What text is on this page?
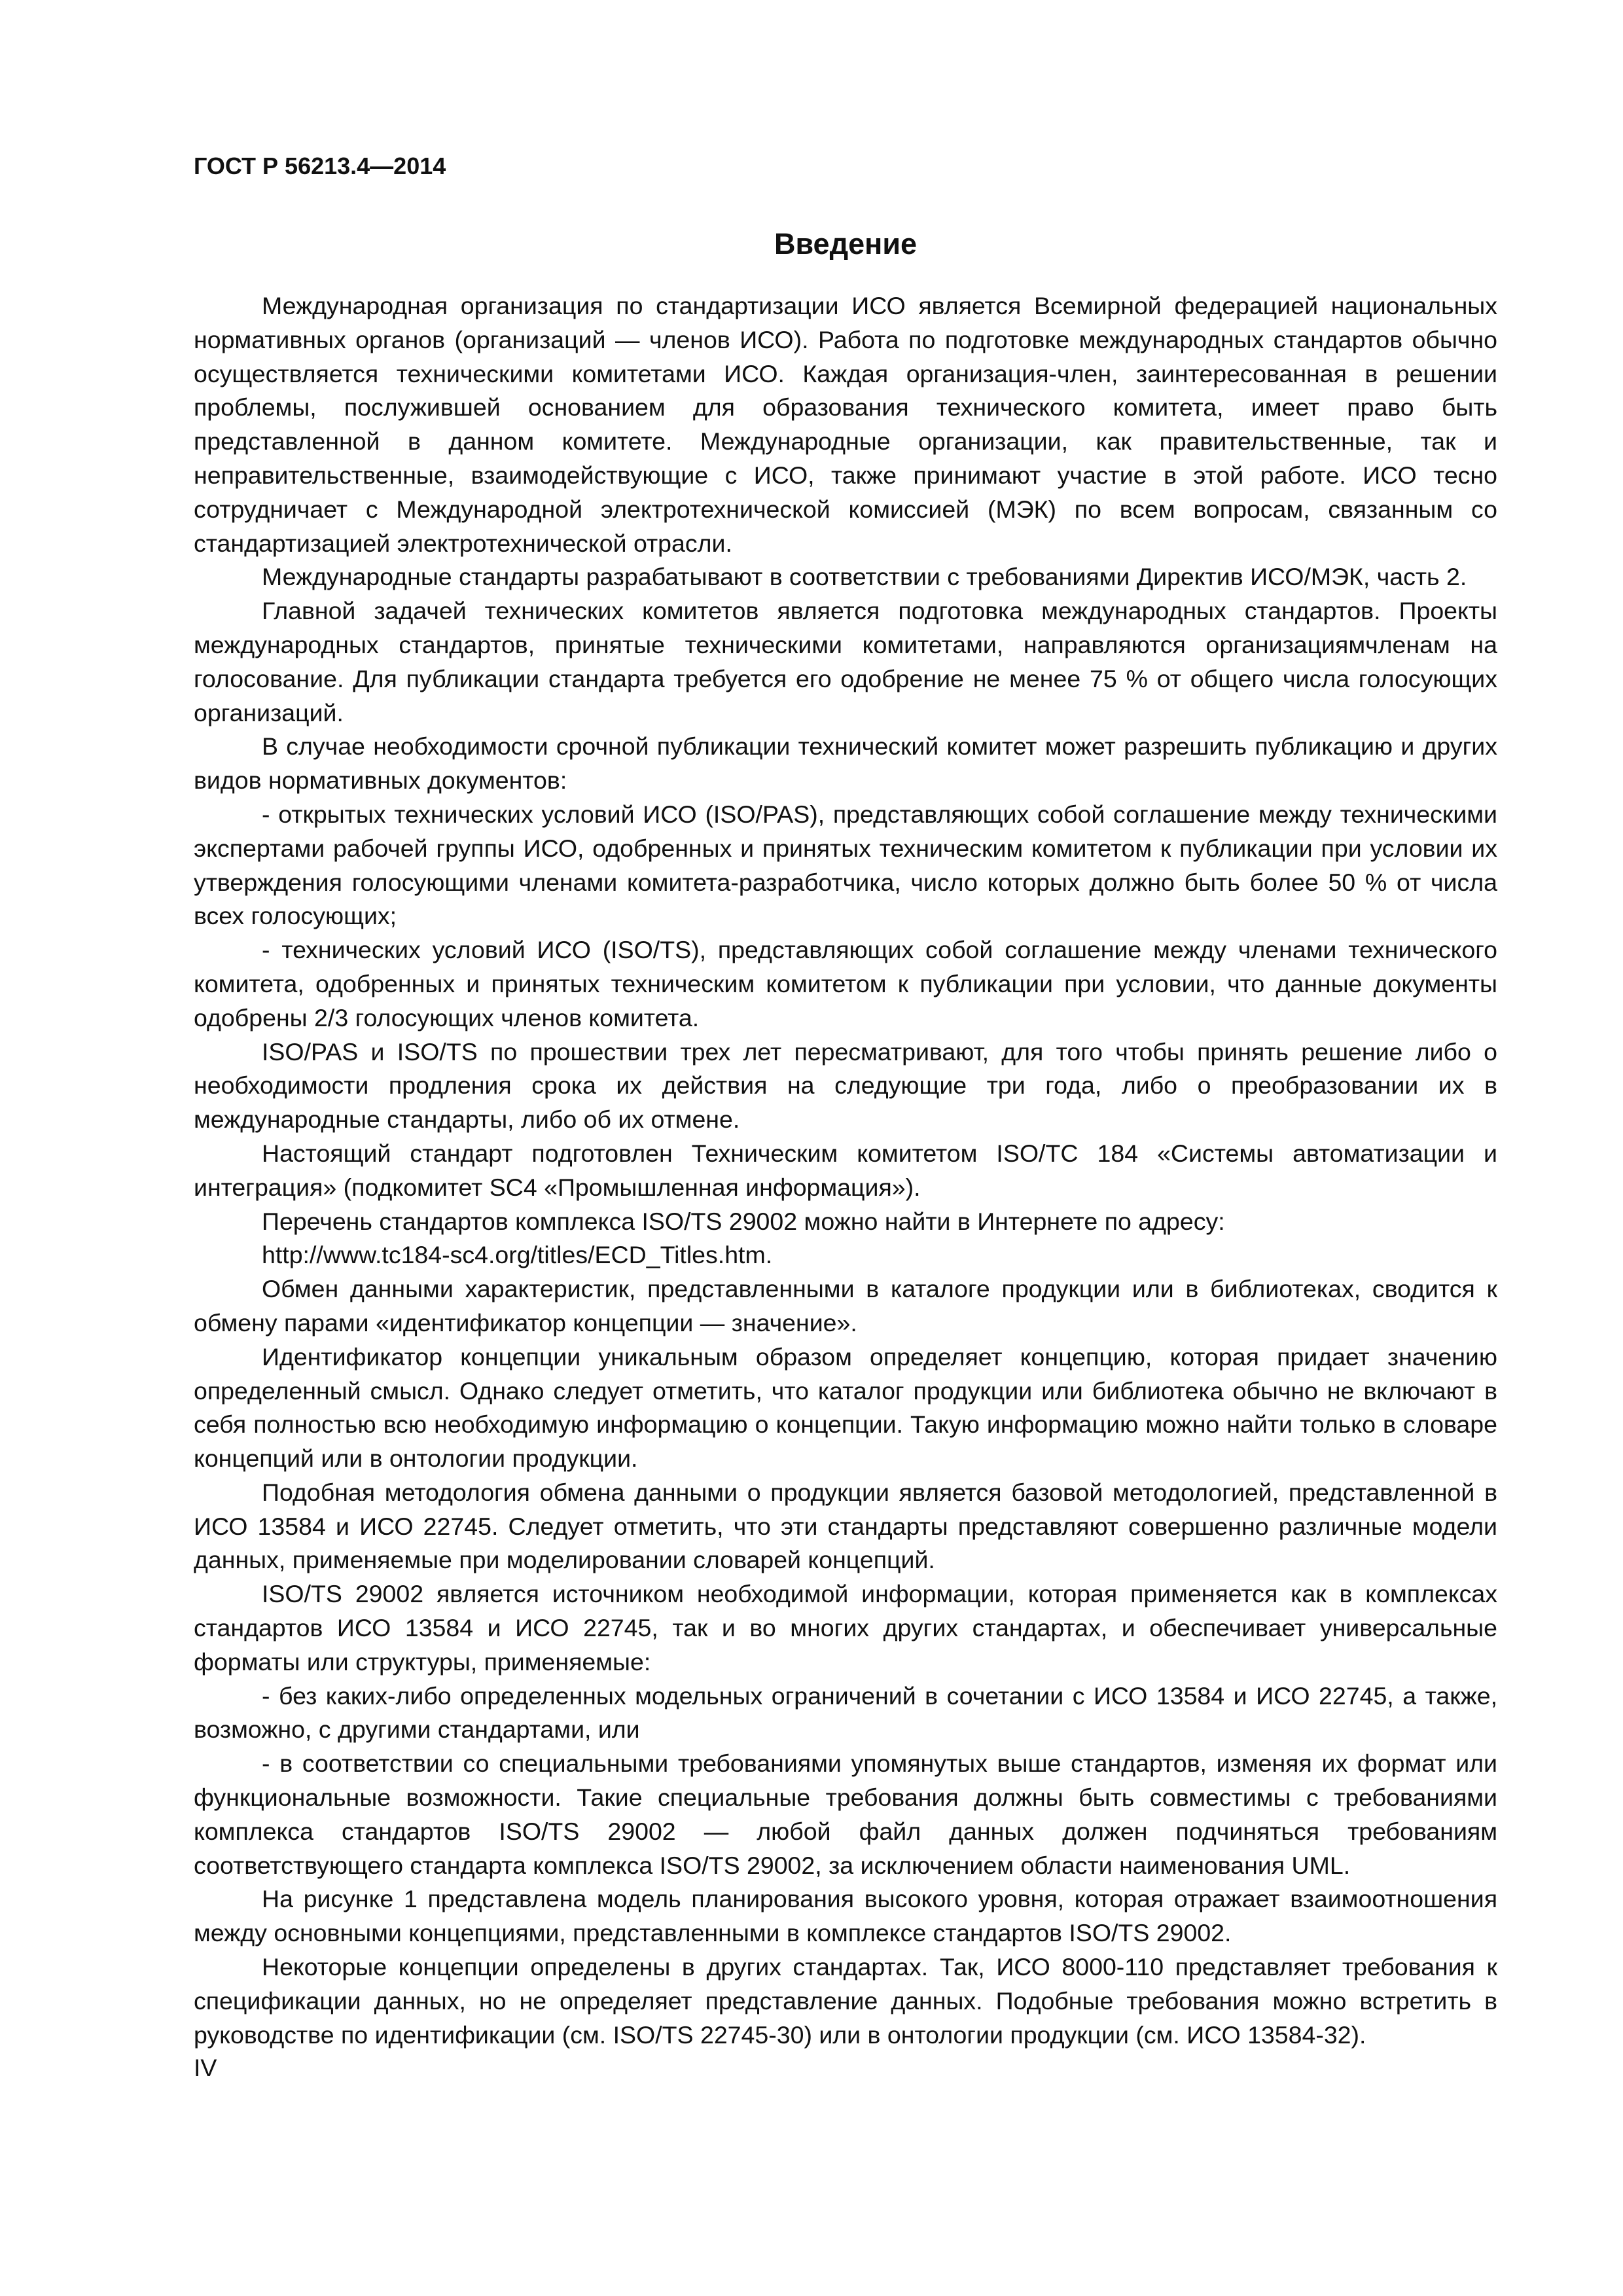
ГОСТ Р 56213.4—2014
Введение

Международная организация по стандартизации ИСО является Всемирной федерацией национальных нормативных органов (организаций — членов ИСО). Работа по подготовке международных стандартов обычно осуществляется техническими комитетами ИСО. Каждая организация-член, заинтересованная в решении проблемы, послужившей основанием для образования технического комитета, имеет право быть представленной в данном комитете. Международные организации, как правительственные, так и неправительственные, взаимодействующие с ИСО, также принимают участие в этой работе. ИСО тесно сотрудничает с Международной электротехнической комиссией (МЭК) по всем вопросам, связанным со стандартизацией электротехнической отрасли.

Международные стандарты разрабатывают в соответствии с требованиями Директив ИСО/МЭК, часть 2.

Главной задачей технических комитетов является подготовка международных стандартов. Проекты международных стандартов, принятые техническими комитетами, направляются организациямчленам на голосование. Для публикации стандарта требуется его одобрение не менее 75 % от общего числа голосующих организаций.

В случае необходимости срочной публикации технический комитет может разрешить публикацию и других видов нормативных документов:

- открытых технических условий ИСО (ISO/PAS), представляющих собой соглашение между техническими экспертами рабочей группы ИСО, одобренных и принятых техническим комитетом к публикации при условии их утверждения голосующими членами комитета-разработчика, число которых должно быть более 50 % от числа всех голосующих;

- технических условий ИСО (ISO/TS), представляющих собой соглашение между членами технического комитета, одобренных и принятых техническим комитетом к публикации при условии, что данные документы одобрены 2/3 голосующих членов комитета.

ISO/PAS и ISO/TS по прошествии трех лет пересматривают, для того чтобы принять решение либо о необходимости продления срока их действия на следующие три года, либо о преобразовании их в международные стандарты, либо об их отмене.

Настоящий стандарт подготовлен Техническим комитетом ISO/TC 184 «Системы автоматизации и интеграция» (подкомитет SC4 «Промышленная информация»).

Перечень стандартов комплекса ISO/TS 29002 можно найти в Интернете по адресу:

http://www.tc184-sc4.org/titles/ECD_Titles.htm.

Обмен данными характеристик, представленными в каталоге продукции или в библиотеках, сводится к обмену парами «идентификатор концепции — значение».

Идентификатор концепции уникальным образом определяет концепцию, которая придает значению определенный смысл. Однако следует отметить, что каталог продукции или библиотека обычно не включают в себя полностью всю необходимую информацию о концепции. Такую информацию можно найти только в словаре концепций или в онтологии продукции.

Подобная методология обмена данными о продукции является базовой методологией, представленной в ИСО 13584 и ИСО 22745. Следует отметить, что эти стандарты представляют совершенно различные модели данных, применяемые при моделировании словарей концепций.

ISO/TS 29002 является источником необходимой информации, которая применяется как в комплексах стандартов ИСО 13584 и ИСО 22745, так и во многих других стандартах, и обеспечивает универсальные форматы или структуры, применяемые:

- без каких-либо определенных модельных ограничений в сочетании с ИСО 13584 и ИСО 22745, а также, возможно, с другими стандартами, или

- в соответствии со специальными требованиями упомянутых выше стандартов, изменяя их формат или функциональные возможности. Такие специальные требования должны быть совместимы с требованиями комплекса стандартов ISO/TS 29002 — любой файл данных должен подчиняться требованиям соответствующего стандарта комплекса ISO/TS 29002, за исключением области наименования UML.

На рисунке 1 представлена модель планирования высокого уровня, которая отражает взаимоотношения между основными концепциями, представленными в комплексе стандартов ISO/TS 29002.

Некоторые концепции определены в других стандартах. Так, ИСО 8000-110 представляет требования к спецификации данных, но не определяет представление данных. Подобные требования можно встретить в руководстве по идентификации (см. ISO/TS 22745-30) или в онтологии продукции (см. ИСО 13584-32).

IV
